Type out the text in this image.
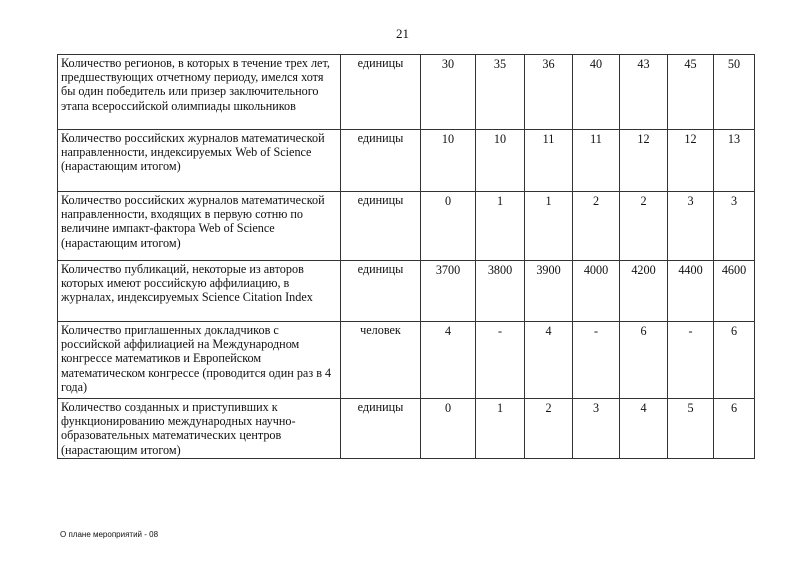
21
Количество регионов, в которых в течение трех лет, предшествующих отчетному периоду, имелся хотя бы один победитель или призер заключительного этапа всероссийской олимпиады школьников	единицы	30	35	36	40	43	45	50
Количество российских журналов математической направленности, индексируемых Web of Science (нарастающим итогом)	единицы	10	10	11	11	12	12	13
Количество российских журналов математической направленности, входящих в первую сотню по величине импакт-фактора Web of Science (нарастающим итогом)	единицы	0	1	1	2	2	3	3
Количество публикаций, некоторые из авторов которых имеют российскую аффилиацию, в журналах, индексируемых Science Citation Index	единицы	3700	3800	3900	4000	4200	4400	4600
Количество приглашенных докладчиков с российской аффилиацией на Международном конгрессе математиков и Европейском математическом конгрессе (проводится один раз в 4 года)	человек	4	-	4	-	6	-	6
Количество созданных и приступивших к функционированию международных научно-образовательных математических центров (нарастающим итогом)	единицы	0	1	2	3	4	5	6
О плане мероприятий - 08
